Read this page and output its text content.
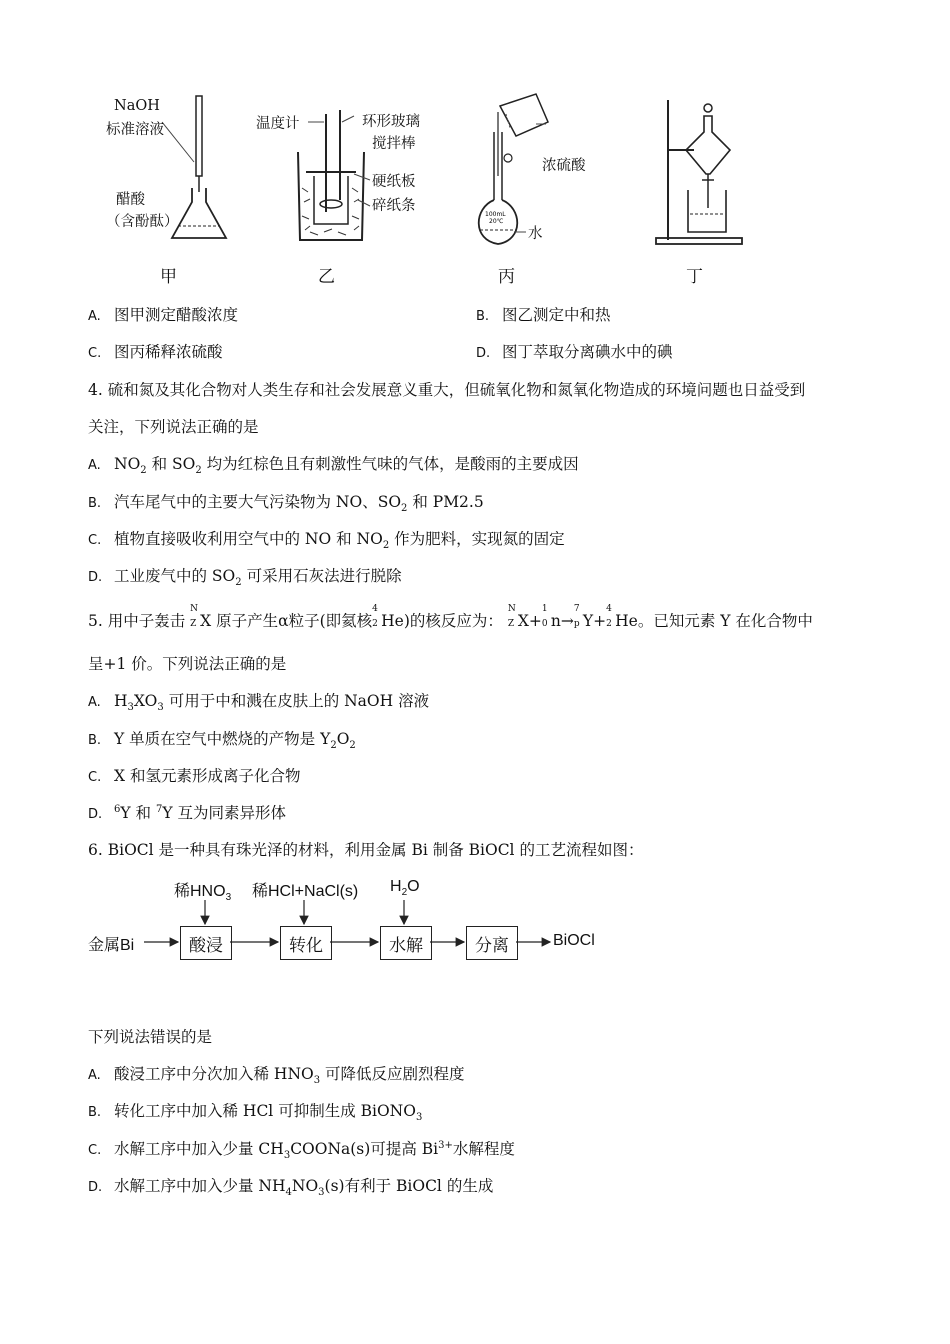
NaOH
标准溶液
醋酸
（含酚酞）
甲
温度计	环形玻璃
搅拌棒
硬纸板
碎纸条
乙
100mL
20℃
浓硫酸
水
丙	丁
A. 图甲测定醋酸浓度	B. 图乙测定中和热
C. 图丙稀释浓硫酸	D. 图丁萃取分离碘水中的碘
4. 硫和氮及其化合物对人类生存和社会发展意义重大，但硫氧化物和氮氧化物造成的环境问题也日益受到
关注，下列说法正确的是
A. $NO_2$ 和 $SO_2$ 均为红棕色且有刺激性气味的气体，是酸雨的主要成因
B. 汽车尾气中的主要大气污染物为 NO、$SO_2$ 和 PM2.5
C. 植物直接吸收利用空气中的 NO 和 $NO_2$ 作为肥料，实现氮的固定
D. 工业废气中的 $SO_2$ 可采用石灰法进行脱除
5. 用中子轰击
N
Z X 原子产生α粒子(即氦核
4
2 He)的核反应为：
N
Z X+
1
0 n→
7
p Y+
4
2 He。已知元素 Y 在化合物中
呈+1 价。下列说法正确的是
A. $H_3XO_3$ 可用于中和溅在皮肤上的 NaOH 溶液
B. Y 单质在空气中燃烧的产物是 $Y_2O_2$
C. X 和氢元素形成离子化合物
D. $^6$Y 和 $^7$Y 互为同素异形体
6. BiOCl 是一种具有珠光泽的材料，利用金属 Bi 制备 BiOCl 的工艺流程如图：
金属Bi	酸浸	转化	水解	分离	BiOCl
稀$HNO_3$ 稀HCl+NaCl(s) $H_2O$
下列说法错误的是
A. 酸浸工序中分次加入稀 $HNO_3$ 可降低反应剧烈程度
B. 转化工序中加入稀 HCl 可抑制生成 BiONO$_3$
C. 水解工序中加入少量 $CH_3COONa(s)$可提高 $Bi^{3+}$水解程度
D. 水解工序中加入少量 $NH_4NO_3(s)$有利于 BiOCl 的生成
